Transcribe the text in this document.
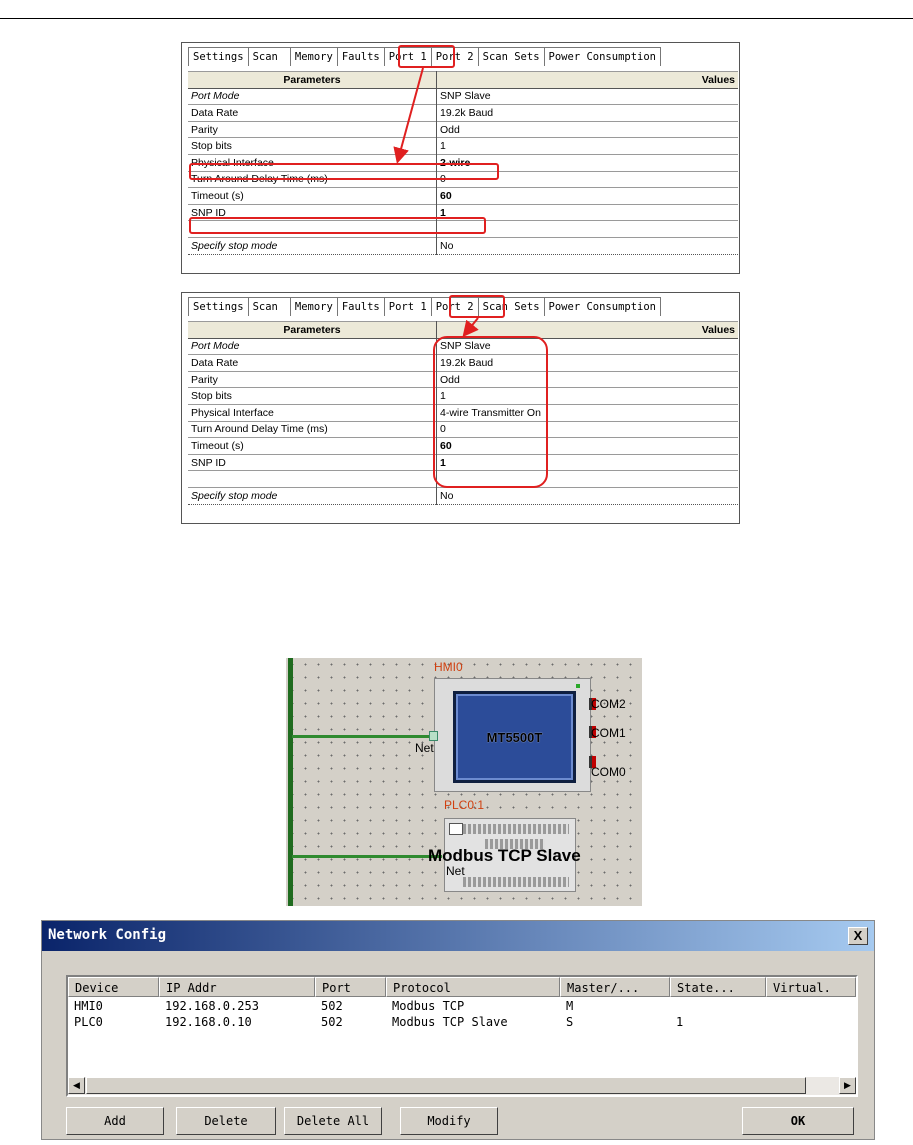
Settings Scan	Memory Faults Port 1 Port 2 Scan Sets Power Consumption
Parameters	Values
Port Mode	SNP Slave
Data Rate	19.2k Baud
Parity	Odd
Stop bits	1
Physical Interface	2-wire
Turn Around Delay Time (ms)	0
Timeout (s)	60
SNP ID	1

Specify stop mode	No
Settings Scan	Memory Faults Port 1 Port 2 Scan Sets Power Consumption
Parameters	Values
Port Mode	SNP Slave
Data Rate	19.2k Baud
Parity	Odd
Stop bits	1
Physical Interface	4-wire Transmitter On
Turn Around Delay Time (ms)	0
Timeout (s)	60
SNP ID	1

Specify stop mode	No
HMI0
MT5500T
COM2
COM1
COM0
Net
PLC0:1
Modbus TCP Slave
Net
Network Config	X
Device	IP Addr	Port	Protocol	Master/...	State...	Virtual.
HMI0	192.168.0.253	502	Modbus TCP	M
PLC0	192.168.0.10	502	Modbus TCP Slave	S	1
◀	▶
Add	Delete	Delete All	Modify	OK
